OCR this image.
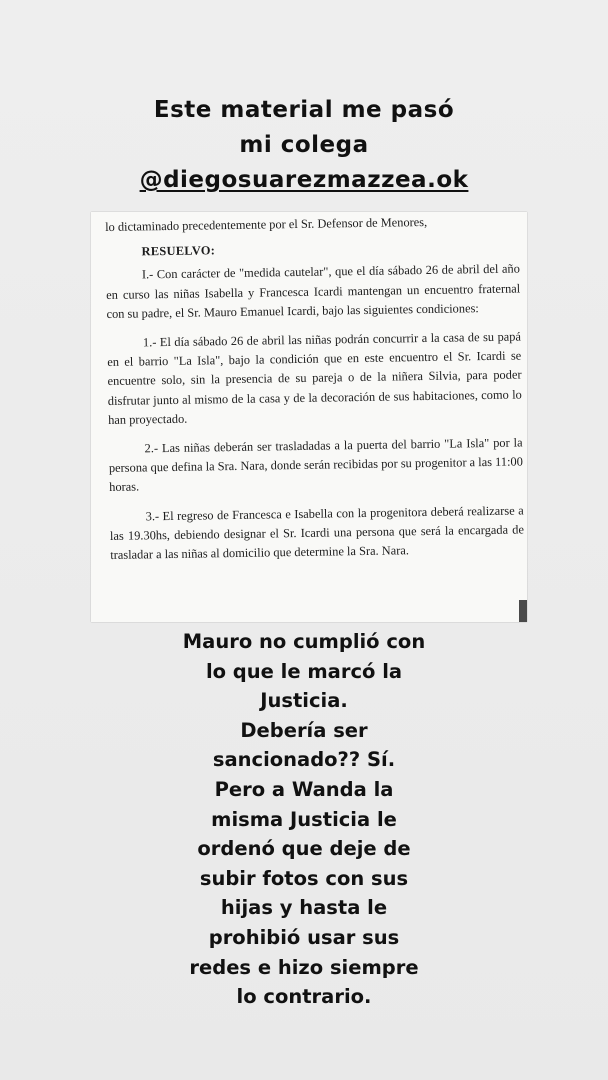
Este material me pasó
mi colega
@diegosuarezmazzea.ok

lo dictaminado precedentemente por el Sr. Defensor de Menores,

RESUELVO:

I.- Con carácter de "medida cautelar", que el día sábado 26 de abril del año en curso las niñas Isabella y Francesca Icardi mantengan un encuentro fraternal con su padre, el Sr. Mauro Emanuel Icardi, bajo las siguientes condiciones:

1.- El día sábado 26 de abril las niñas podrán concurrir a la casa de su papá en el barrio "La Isla", bajo la condición que en este encuentro el Sr. Icardi se encuentre solo, sin la presencia de su pareja o de la niñera Silvia, para poder disfrutar junto al mismo de la casa y de la decoración de sus habitaciones, como lo han proyectado.

2.- Las niñas deberán ser trasladadas a la puerta del barrio "La Isla" por la persona que defina la Sra. Nara, donde serán recibidas por su progenitor a las 11:00 horas.

3.- El regreso de Francesca e Isabella con la progenitora deberá realizarse a las 19.30hs, debiendo designar el Sr. Icardi una persona que será la encargada de trasladar a las niñas al domicilio que determine la Sra. Nara.

Mauro no cumplió con
lo que le marcó la
Justicia.
Debería ser
sancionado?? Sí.
Pero a Wanda la
misma Justicia le
ordenó que deje de
subir fotos con sus
hijas y hasta le
prohibió usar sus
redes e hizo siempre
lo contrario.
